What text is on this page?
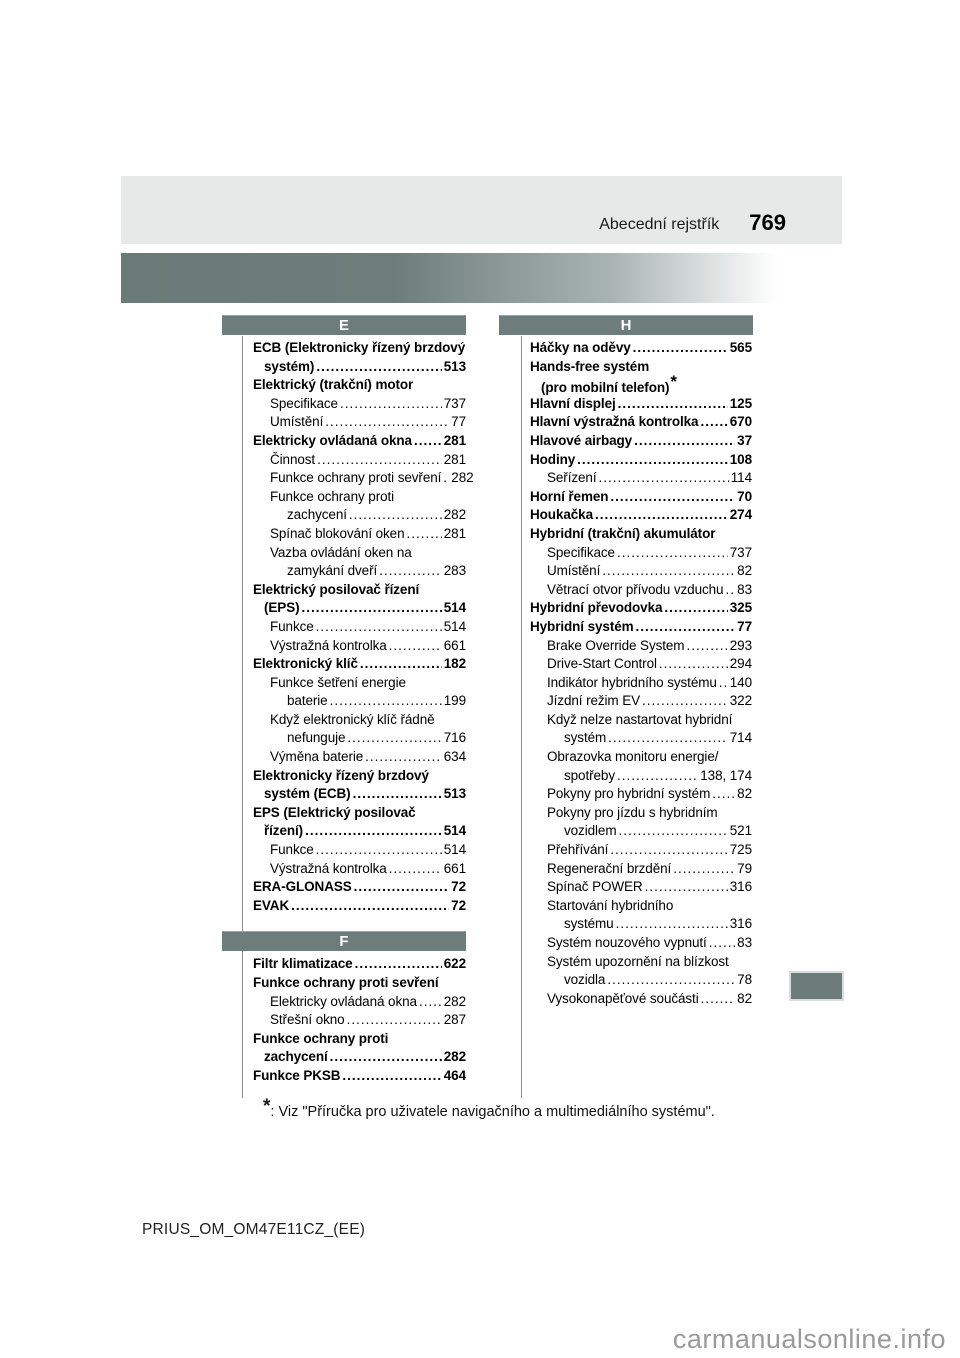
Abecední rejstřík 769
E
ECB (Elektronicky řízený brzdový
systém) .....	513
Elektrický (trakční) motor
Specifikace .....	737
Umístění .....	77
Elektricky ovládaná okna ..... 281
Činnost .....	281
Funkce ochrany proti sevření ..... 282
Funkce ochrany proti
zachycení .....	282
Spínač blokování oken .....	281
Vazba ovládání oken na
zamykání dveří .....	283
Elektrický posilovač řízení
(EPS) .....	514
Funkce .....	514
Výstražná kontrolka .....	661
Elektronický klíč .....	182
Funkce šetření energie
baterie .....	199
Když elektronický klíč řádně
nefunguje .....	716
Výměna baterie .....	634
Elektronicky řízený brzdový
systém (ECB) .....	513
EPS (Elektrický posilovač
řízení) .....	514
Funkce .....	514
Výstražná kontrolka .....	661
ERA-GLONASS .....	72
EVAK .....	72
F
Filtr klimatizace .....	622
Funkce ochrany proti sevření
Elektricky ovládaná okna ..... 282
Střešní okno .....	287
Funkce ochrany proti
zachycení .....	282
Funkce PKSB .....	464
H
Háčky na oděvy .....	565
Hands-free systém
(pro mobilní telefon) *
Hlavní displej .....	125
Hlavní výstražná kontrolka ..... 670
Hlavové airbagy .....	37
Hodiny .....	108
Seřízení .....	114
Horní řemen .....	70
Houkačka .....	274
Hybridní (trakční) akumulátor
Specifikace .....	737
Umístění .....	82
Větrací otvor přívodu vzduchu ..... 83
Hybridní převodovka .....	325
Hybridní systém .....	77
Brake Override System .....	293
Drive-Start Control .....	294
Indikátor hybridního systému ..... 140
Jízdní režim EV .....	322
Když nelze nastartovat hybridní
systém .....	714
Obrazovka monitoru energie/
spotřeby .....	138, 174
Pokyny pro hybridní systém ..... 82
Pokyny pro jízdu s hybridním
vozidlem .....	521
Přehřívání .....	725
Regenerační brzdění .....	79
Spínač POWER .....	316
Startování hybridního
systému .....	316
Systém nouzového vypnutí ..... 83
Systém upozornění na blízkost
vozidla .....	78
Vysokonapěťové součásti .....	82
*: Viz "Příručka pro uživatele navigačního a multimediálního systému".
PRIUS_OM_OM47E11CZ_(EE)
carmanualsonline.info
